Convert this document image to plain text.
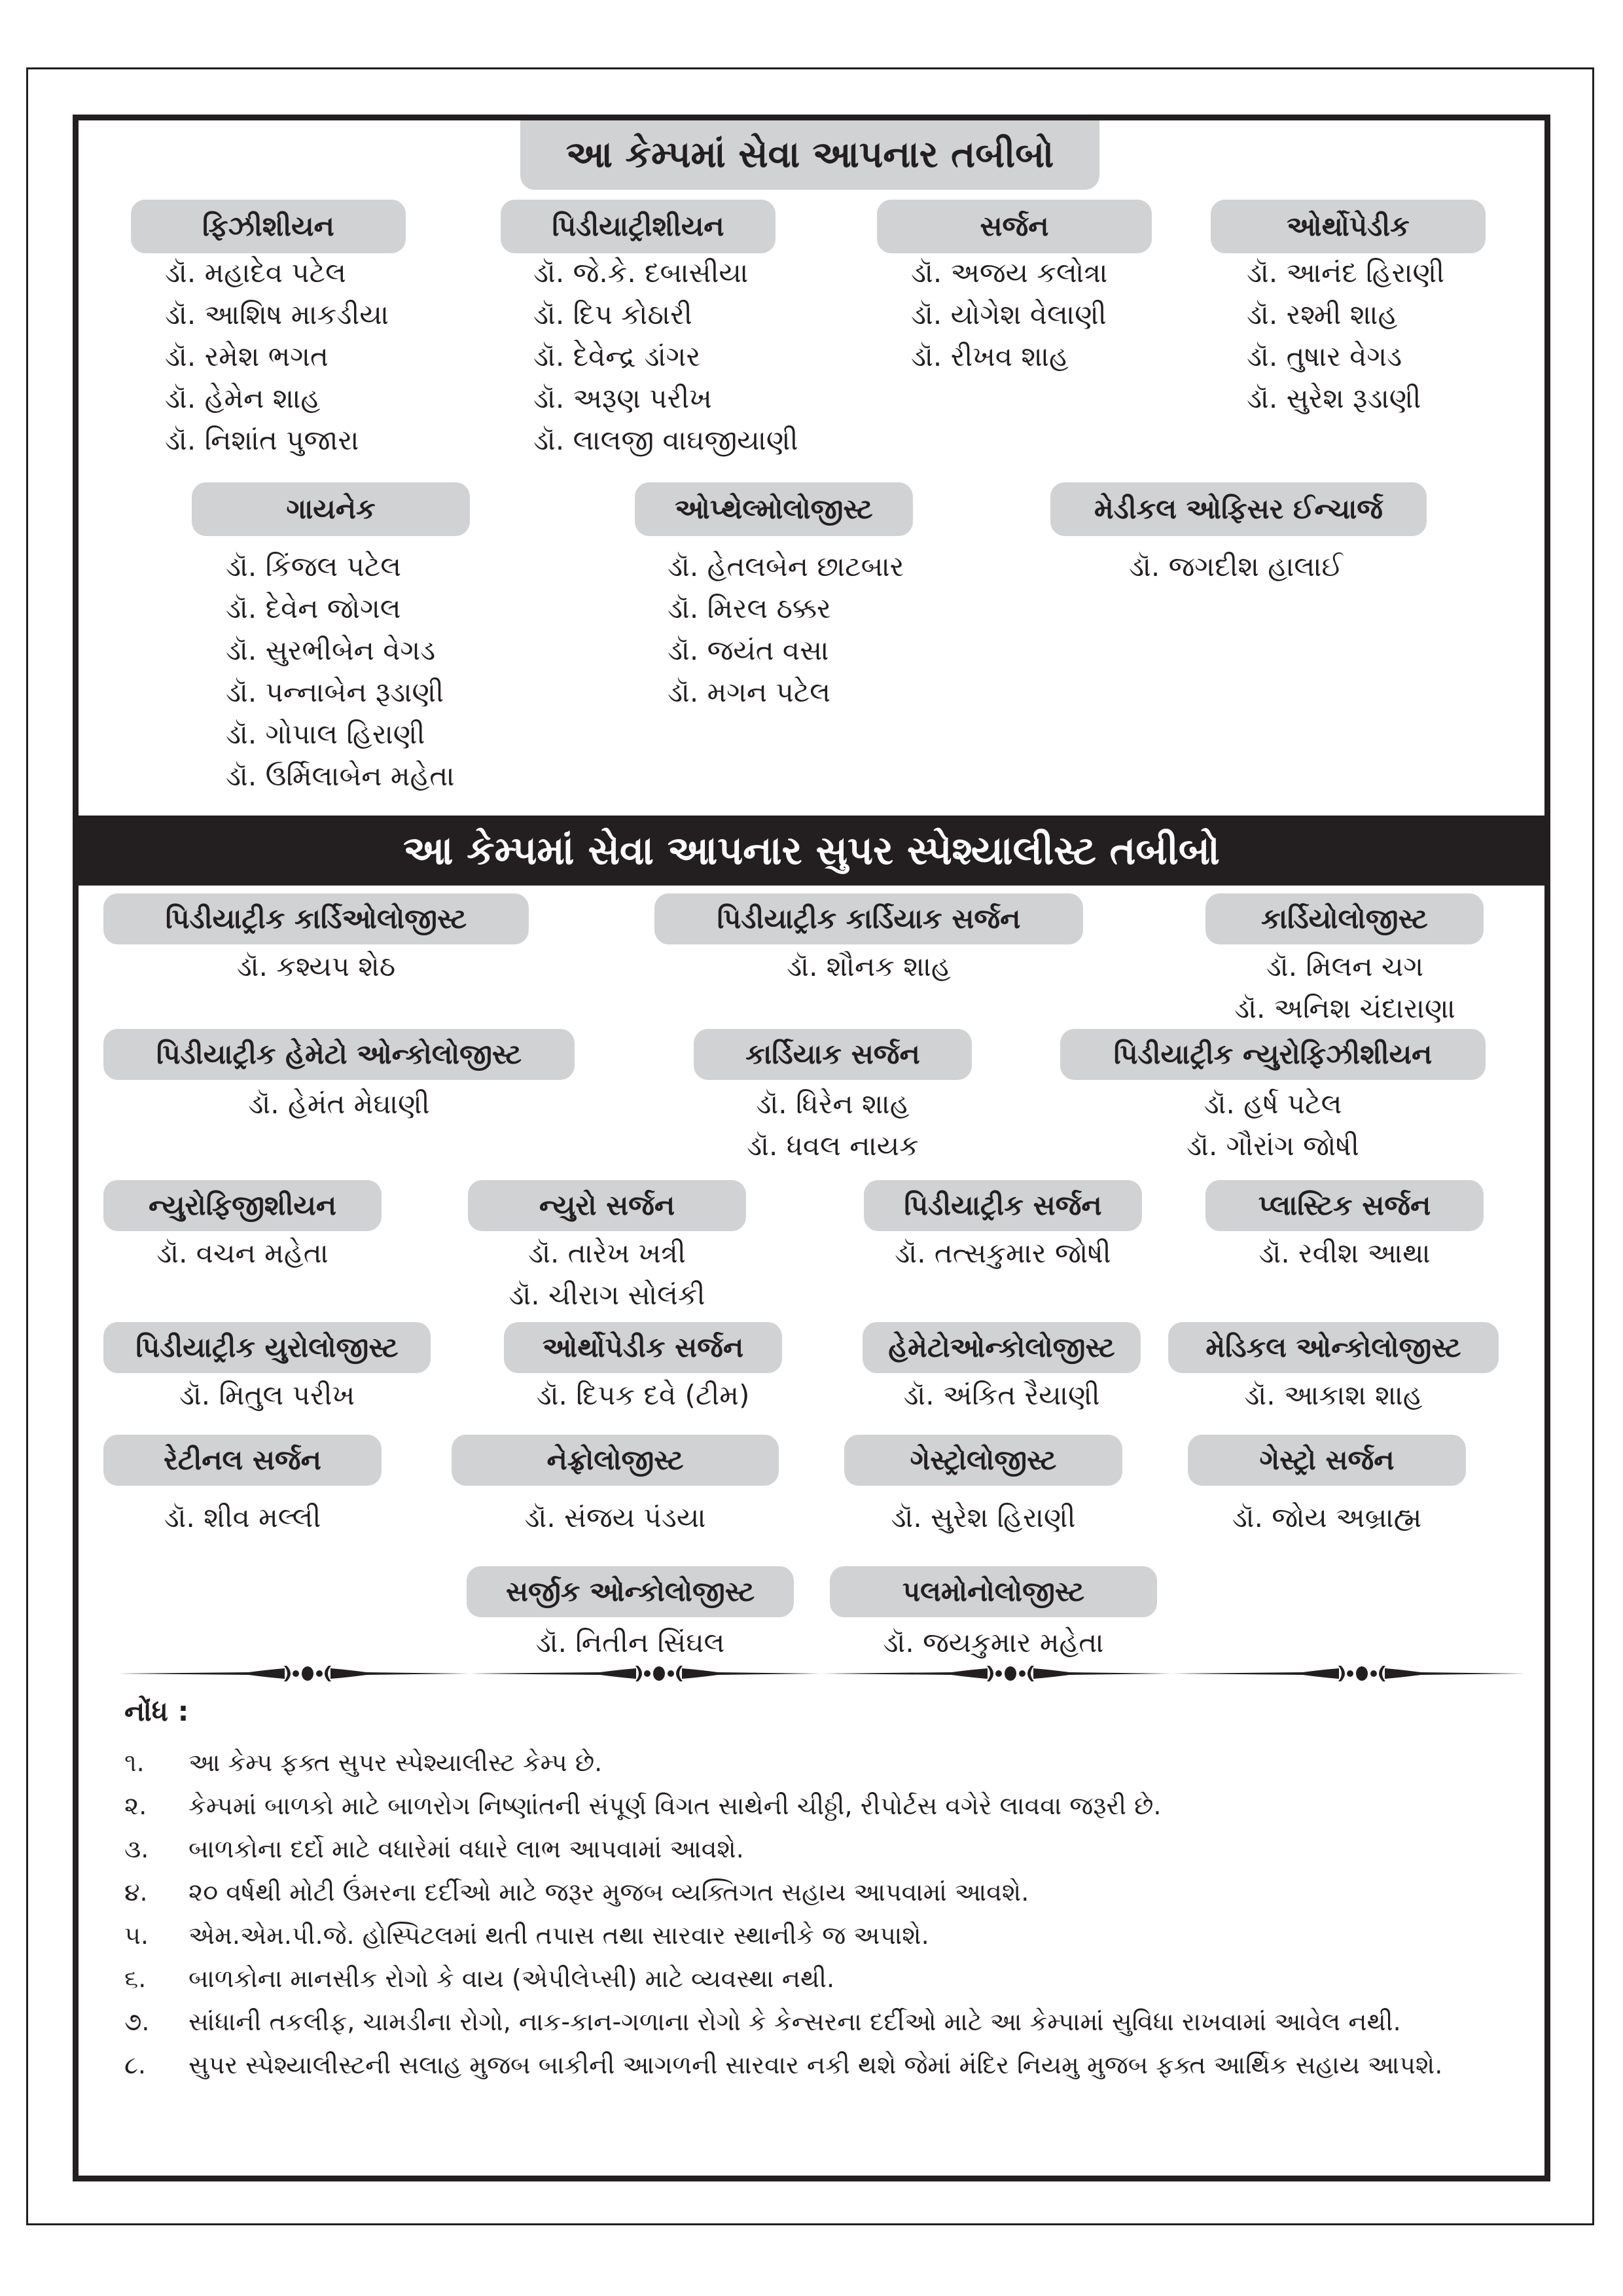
આ કેમ્પમાં સેવા આપનાર તબીબો
ફિઝીશીયન
ડૉ. મહાદેવ પટેલ
ડૉ. આશિષ માકડીયા
ડૉ. રમેશ ભગત
ડૉ. હેમેન શાહ
ડૉ. નિશાંત પુજારા
પિડીયાટ્રીશીયન
ડૉ. જે.કે. દબાસીયા
ડૉ. દિપ કોઠારી
ડૉ. દેવેન્દ્ર ડાંગર
ડૉ. અરૂણ પરીખ
ડૉ. લાલજી વાઘજીયાણી
સર્જન
ડૉ. અજય કલોત્રા
ડૉ. યોગેશ વેલાણી
ડૉ. રીખવ શાહ
ઓર્થોપેડીક
ડૉ. આનંદ હિરાણી
ડૉ. રશ્મી શાહ
ડૉ. તુષાર વેગડ
ડૉ. સુરેશ રૂડાણી
ગાયનેક
ડૉ. કિંજલ પટેલ
ડૉ. દેવેન જોગલ
ડૉ. સુરભીબેન વેગડ
ડૉ. પન્નાબેન રૂડાણી
ડૉ. ગોપાલ હિરાણી
ડૉ. ઉર્મિલાબેન મહેતા
ઓપ્થેલ્મોલોજીસ્ટ
ડૉ. હેતલબેન છાટબાર
ડૉ. મિરલ ઠક્કર
ડૉ. જયંત વસા
ડૉ. મગન પટેલ
મેડીકલ ઓફિસર ઈન્ચાર્જ
ડૉ. જગદીશ હાલાઈ
આ કેમ્પમાં સેવા આપનાર સુપર સ્પેશ્યાલીસ્ટ તબીબો
પિડીયાટ્રીક કાર્ડિઓલોજીસ્ટ
ડૉ. કશ્યપ શેઠ
પિડીયાટ્રીક કાર્ડિયાક સર્જન
ડૉ. શૌનક શાહ
કાર્ડિયોલોજીસ્ટ
ડૉ. મિલન ચગ
ડૉ. અનિશ ચંદારાણા
પિડીયાટ્રીક હેમેટો ઓન્કોલોજીસ્ટ
ડૉ. હેમંત મેઘાણી
કાર્ડિયાક સર્જન
ડૉ. ધિરેન શાહ
ડૉ. ધવલ નાયક
પિડીયાટ્રીક ન્યુરોફિઝીશીયન
ડૉ. હર્ષ પટેલ
ડૉ. ગૌરાંગ જોષી
ન્યુરોફિજીશીયન
ડૉ. વચન મહેતા
ન્યુરો સર્જન
ડૉ. તારેખ ખત્રી
ડૉ. ચીરાગ સોલંકી
પિડીયાટ્રીક સર્જન
ડૉ. તત્સકુમાર જોષી
પ્લાસ્ટિક સર્જન
ડૉ. રવીશ આથા
પિડીયાટ્રીક યુરોલોજીસ્ટ
ડૉ. મિતુલ પરીખ
ઓર્થોપેડીક સર્જન
ડૉ. દિપક દવે (ટીમ)
હેમેટોઓન્કોલોજીસ્ટ
ડૉ. અંકિત રૈયાણી
મેડિકલ ઓન્કોલોજીસ્ટ
ડૉ. આકાશ શાહ
રેટીનલ સર્જન
ડૉ. શીવ મલ્લી
નેફ્રોલોજીસ્ટ
ડૉ. સંજય પંડયા
ગેસ્ટ્રોલોજીસ્ટ
ડૉ. સુરેશ હિરાણી
ગેસ્ટ્રો સર્જન
ડૉ. જોય અબ્રાહ્મ
સર્જીક ઓન્કોલોજીસ્ટ
ડૉ. નિતીન સિંઘલ
પલમોનોલોજીસ્ટ
ડૉ. જયકુમાર મહેતા
નોંધ :
૧.	આ કેમ્પ ફક્ત સુપર સ્પેશ્યાલીસ્ટ કેમ્પ છે.
૨.	કેમ્પમાં બાળકો માટે બાળરોગ નિષ્ણાંતની સંપૂર્ણ વિગત સાથેની ચીઠ્ઠી, રીપોર્ટસ વગેરે લાવવા જરૂરી છે.
૩.	બાળકોના દર્દો માટે વધારેમાં વધારે લાભ આપવામાં આવશે.
૪.	૨૦ વર્ષથી મોટી ઉંમરના દર્દીઓ માટે જરૂર મુજબ વ્યક્તિગત સહાય આપવામાં આવશે.
૫.	એમ.એમ.પી.જે. હોસ્પિટલમાં થતી તપાસ તથા સારવાર સ્થાનીકે જ અપાશે.
૬.	બાળકોના માનસીક રોગો કે વાય (એપીલેપ્સી) માટે વ્યવસ્થા નથી.
૭.	સાંધાની તકલીફ, ચામડીના રોગો, નાક-કાન-ગળાના રોગો કે કેન્સરના દર્દીઓ માટે આ કેમ્પામાં સુવિધા રાખવામાં આવેલ નથી.
૮.	સુપર સ્પેશ્યાલીસ્ટની સલાહ મુજબ બાકીની આગળની સારવાર નકી થશે જેમાં મંદિર નિયમુ મુજબ ફક્ત આર્થિક સહાય આપશે.
